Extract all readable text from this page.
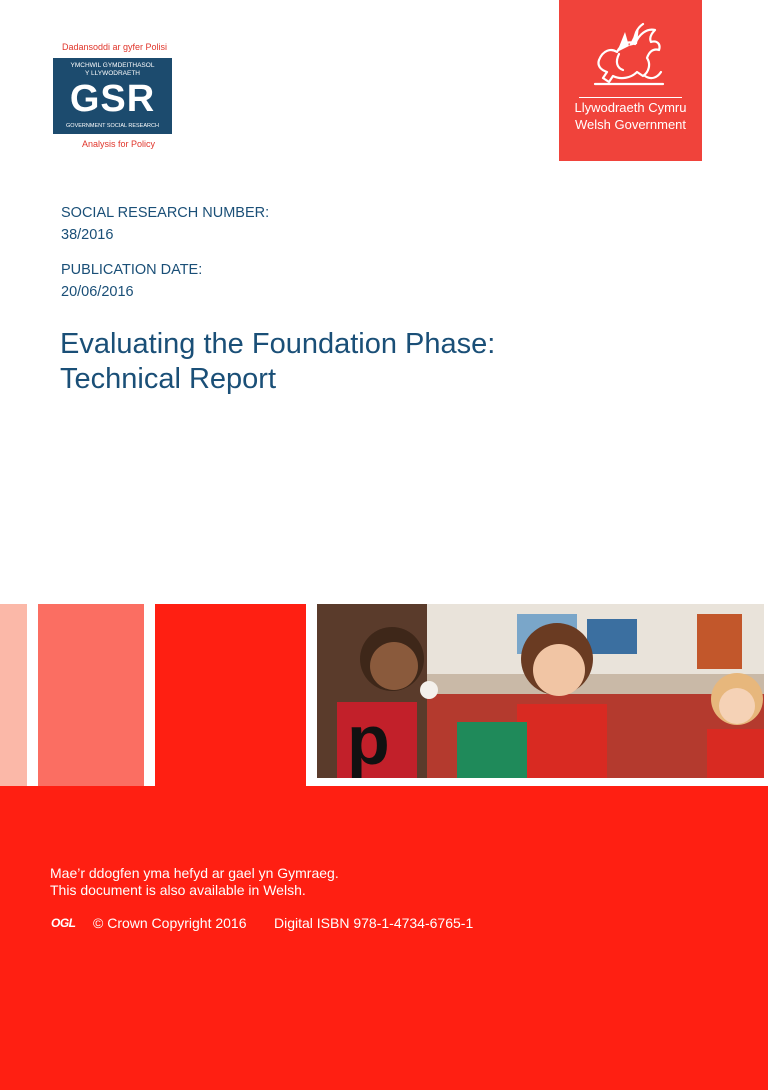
Dadansoddi ar gyfer Polisi
YMCHWIL GYMDEITHASOL
Y LLYWODRAETH
GSR
GOVERNMENT SOCIAL RESEARCH
Analysis for Policy
Llywodraeth Cymru
Welsh Government
SOCIAL RESEARCH NUMBER:
38/2016
PUBLICATION DATE:
20/06/2016
Evaluating the Foundation Phase:
Technical Report
p
Mae’r ddogfen yma hefyd ar gael yn Gymraeg.
This document is also available in Welsh.
OGL © Crown Copyright 2016 Digital ISBN 978-1-4734-6765-1
